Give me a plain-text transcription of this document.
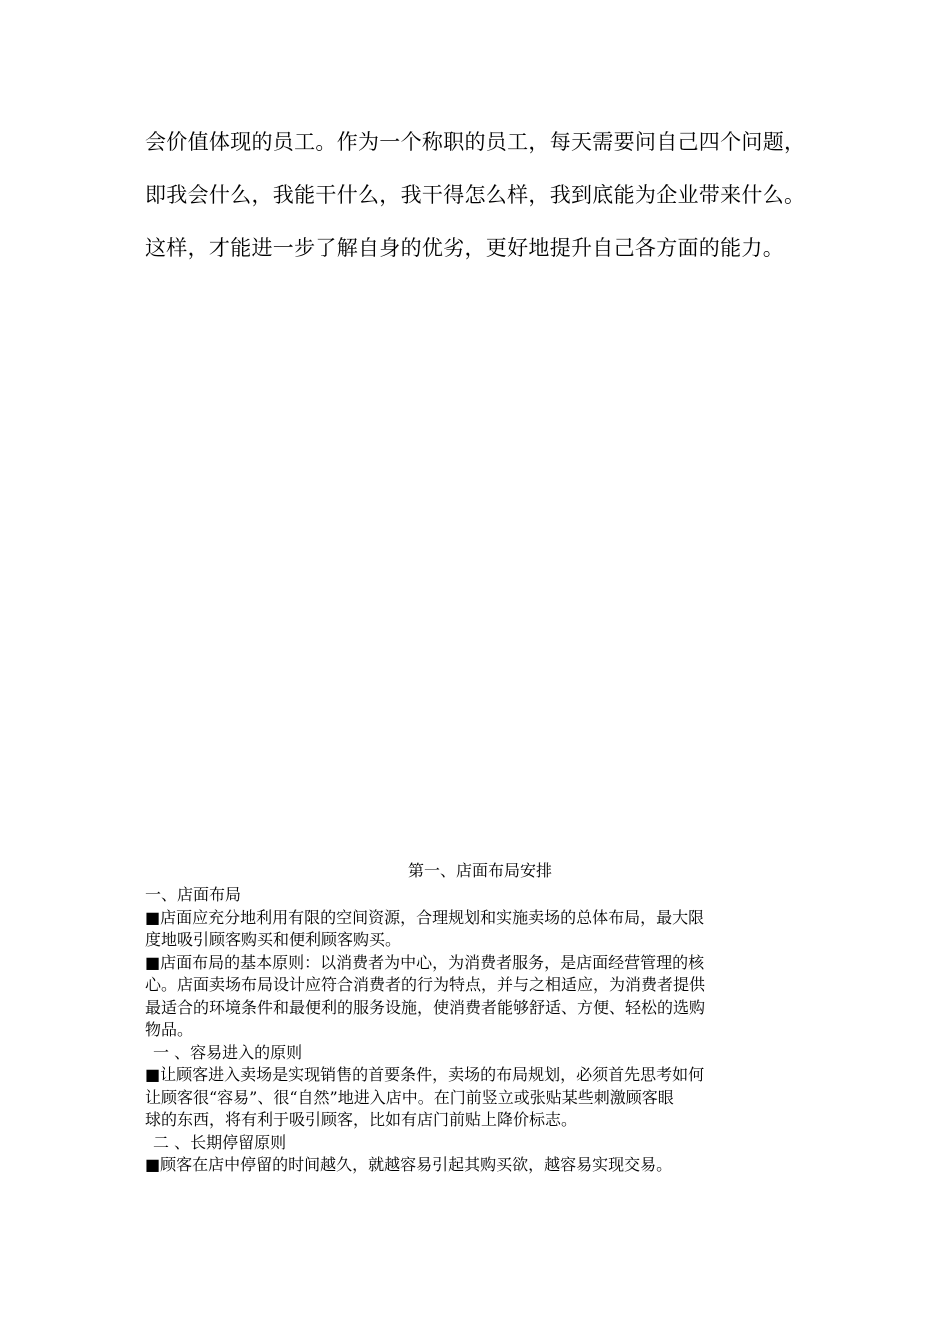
会价值体现的员工。作为一个称职的员工，每天需要问自己四个问题，
即我会什么，我能干什么，我干得怎么样，我到底能为企业带来什么。
这样，才能进一步了解自身的优劣，更好地提升自己各方面的能力。
第一、店面布局安排
一、店面布局
■店面应充分地利用有限的空间资源，合理规划和实施卖场的总体布局，最大限
度地吸引顾客购买和便利顾客购买。
■店面布局的基本原则：以消费者为中心，为消费者服务，是店面经营管理的核
心。店面卖场布局设计应符合消费者的行为特点，并与之相适应，为消费者提供
最适合的环境条件和最便利的服务设施，使消费者能够舒适、方便、轻松的选购
物品。
一 、容易进入的原则
■让顾客进入卖场是实现销售的首要条件，卖场的布局规划，必须首先思考如何
让顾客很“容易”、很“自然”地进入店中。在门前竖立或张贴某些刺激顾客眼
球的东西，将有利于吸引顾客，比如有店门前贴上降价标志。
二 、长期停留原则
■顾客在店中停留的时间越久，就越容易引起其购买欲，越容易实现交易。
